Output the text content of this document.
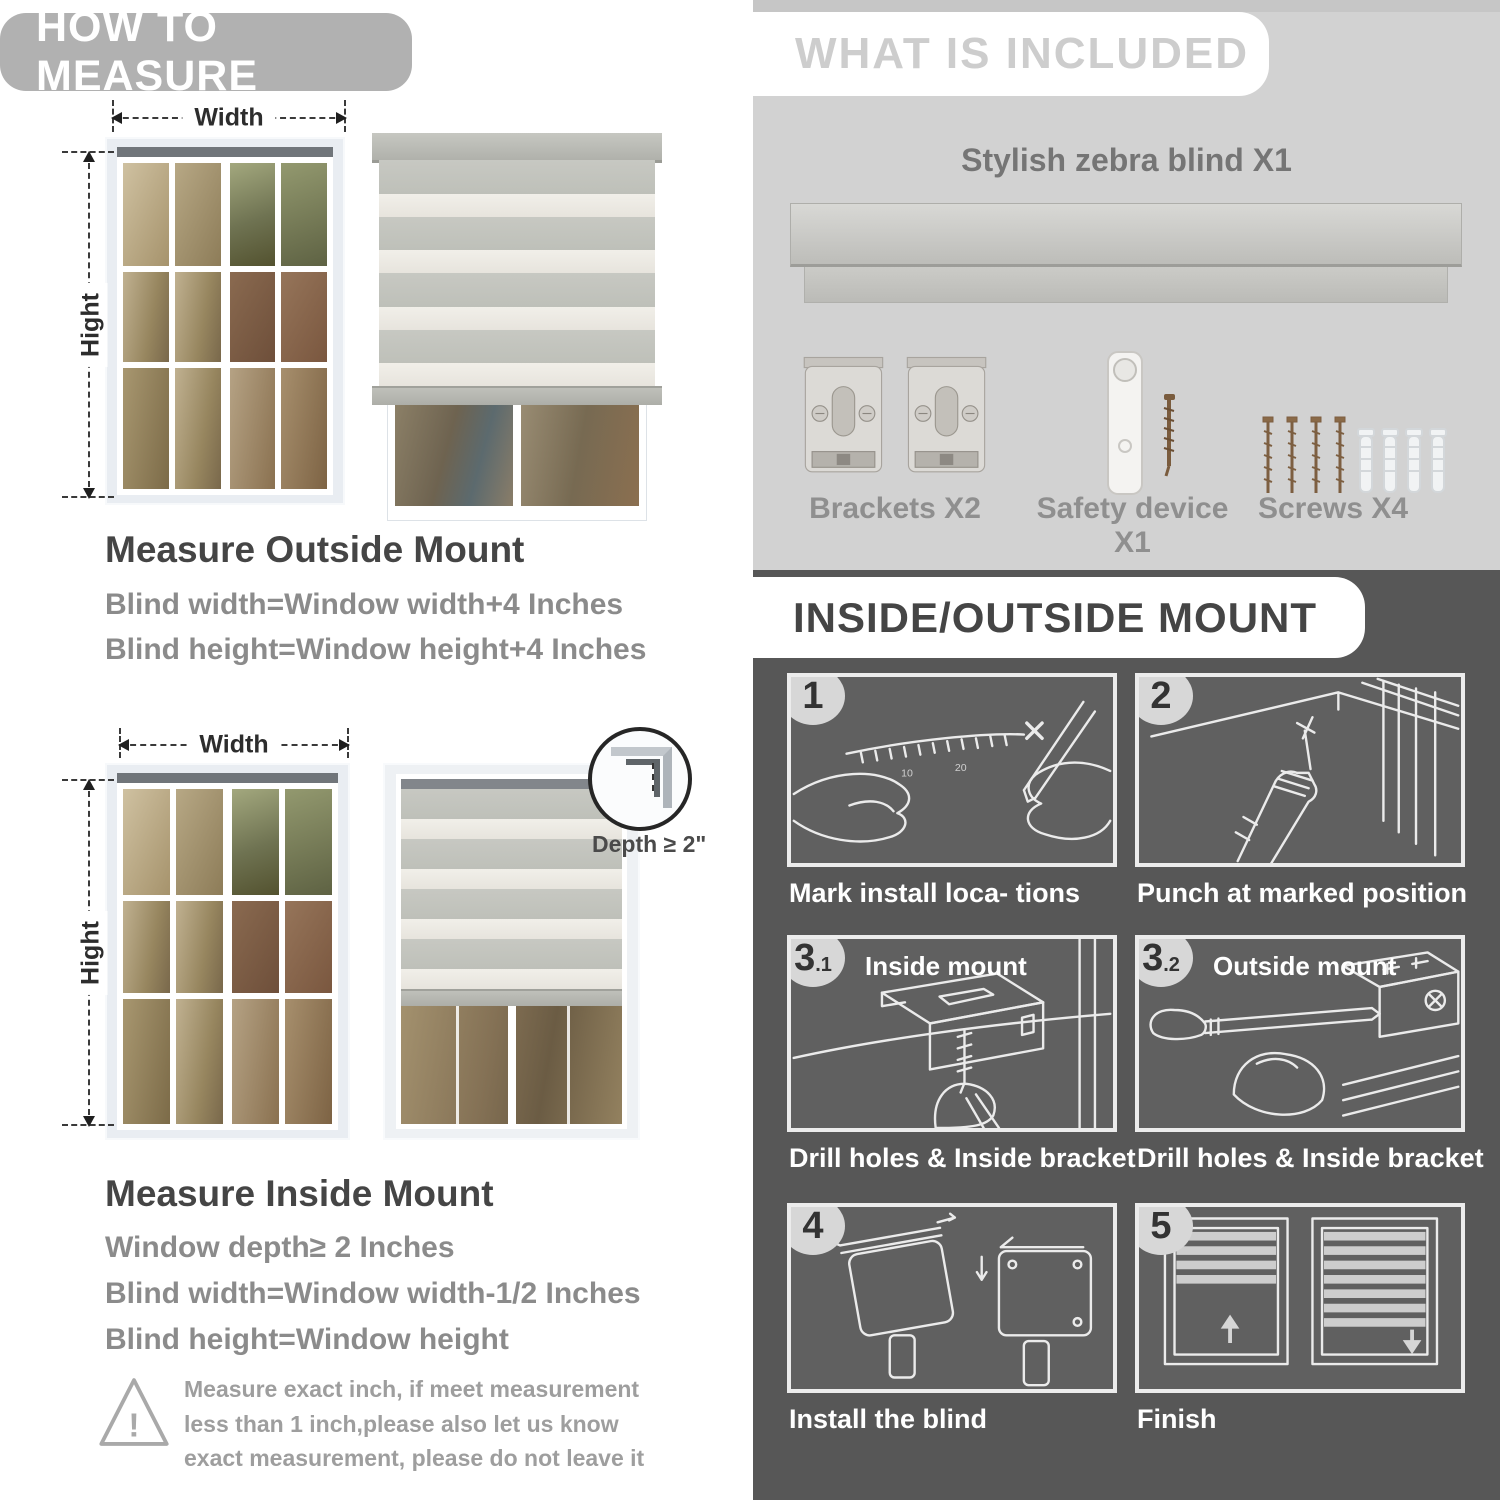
HOW TO MEASURE
Width
Hight
Measure Outside Mount
Blind width=Window width+4 Inches
Blind height=Window height+4 Inches
Width
Hight
Depth ≥ 2"
Measure Inside Mount
Window depth≥ 2 Inches
Blind width=Window width-1/2 Inches
Blind height=Window height
!
Measure exact inch, if meet measurement less than 1 inch,please also let us know exact measurement, please do not leave it
WHAT IS INCLUDED
Stylish zebra blind X1
Brackets X2	Safety device X1
Screws X4
INSIDE/OUTSIDE MOUNT
10	20
1
Mark install loca- tions
2
Punch at marked position
3 .1 Inside mount
Drill holes & Inside bracket
3 .2 Outside mount
Drill holes & Inside bracket
4
Install the blind
5
Finish
